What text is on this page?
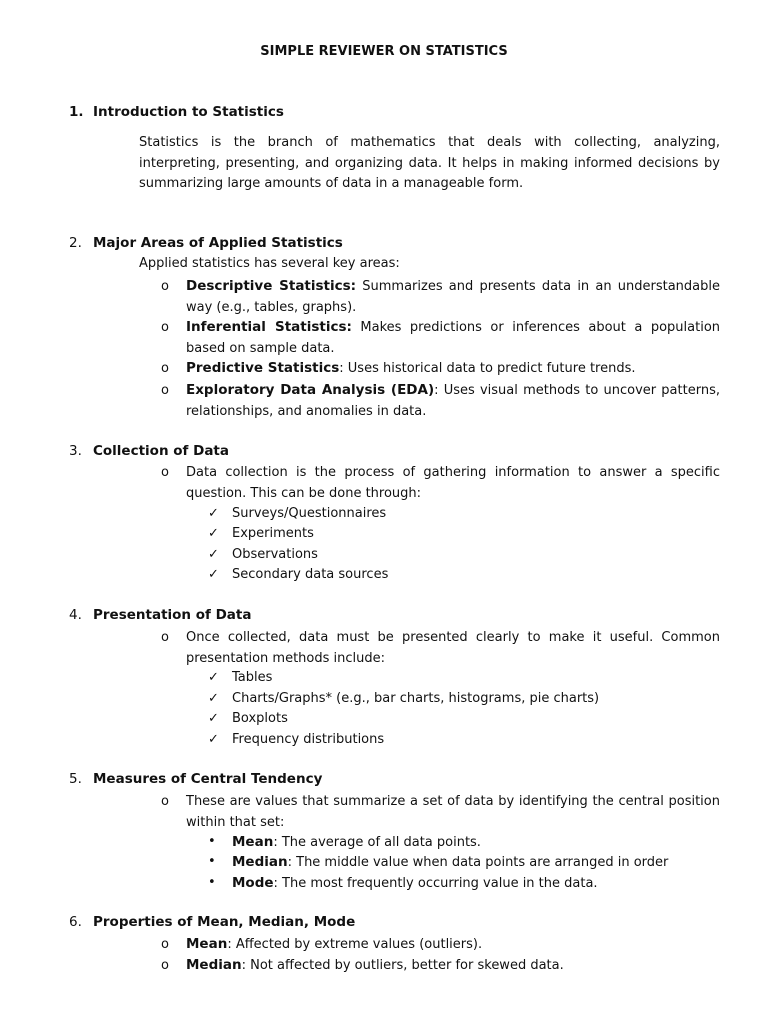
SIMPLE REVIEWER ON STATISTICS
1. Introduction to Statistics
Statistics is the branch of mathematics that deals with collecting, analyzing, interpreting, presenting, and organizing data. It helps in making informed decisions by summarizing large amounts of data in a manageable form.
2. Major Areas of Applied Statistics
Applied statistics has several key areas:
o	Descriptive Statistics: Summarizes and presents data in an understandable way (e.g., tables, graphs).
o	Inferential Statistics: Makes predictions or inferences about a population based on sample data.
o	Predictive Statistics: Uses historical data to predict future trends.
o	Exploratory Data Analysis (EDA): Uses visual methods to uncover patterns, relationships, and anomalies in data.
3. Collection of Data
o	Data collection is the process of gathering information to answer a specific question. This can be done through:
✓	Surveys/Questionnaires
✓	Experiments
✓	Observations
✓	Secondary data sources
4. Presentation of Data
o	Once collected, data must be presented clearly to make it useful. Common presentation methods include:
✓	Tables
✓	Charts/Graphs* (e.g., bar charts, histograms, pie charts)
✓	Boxplots
✓	Frequency distributions
5. Measures of Central Tendency
o	These are values that summarize a set of data by identifying the central position within that set:
•	Mean: The average of all data points.
•	Median: The middle value when data points are arranged in order
•	Mode: The most frequently occurring value in the data.
6. Properties of Mean, Median, Mode
o	Mean: Affected by extreme values (outliers).
o	Median: Not affected by outliers, better for skewed data.
